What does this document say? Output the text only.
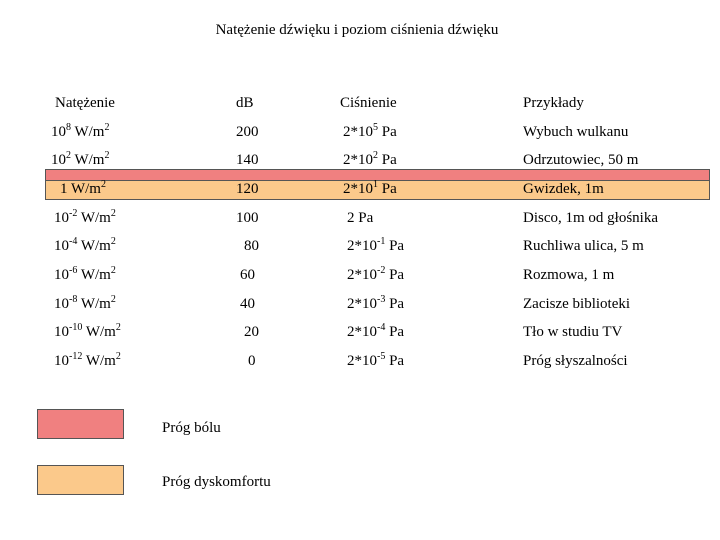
Natężenie dźwięku i poziom ciśnienia dźwięku
Natężenie	dB	Ciśnienie	Przykłady
$10^8$ $W/m^2$	200	$2*10^5$ Pa	Wybuch wulkanu
$10^2$ $W/m^2$	140	$2*10^2$ Pa	Odrzutowiec, 50 m
1 $W/m^2$	120	$2*10^1$ Pa	Gwizdek, 1m
$10^{-2}$ $W/m^2$	100	2 Pa	Disco, 1m od głośnika
$10^{-4}$ $W/m^2$	80	$2*10^{-1}$ Pa	Ruchliwa ulica, 5 m
$10^{-6}$ $W/m^2$	60	$2*10^{-2}$ Pa	Rozmowa, 1 m
$10^{-8}$ $W/m^2$	40	$2*10^{-3}$ Pa	Zacisze biblioteki
$10^{-10}$ $W/m^2$	20	$2*10^{-4}$ Pa	Tło w studiu TV
$10^{-12}$ $W/m^2$	0	$2*10^{-5}$ Pa	Próg słyszalności
Próg bólu
Próg dyskomfortu
